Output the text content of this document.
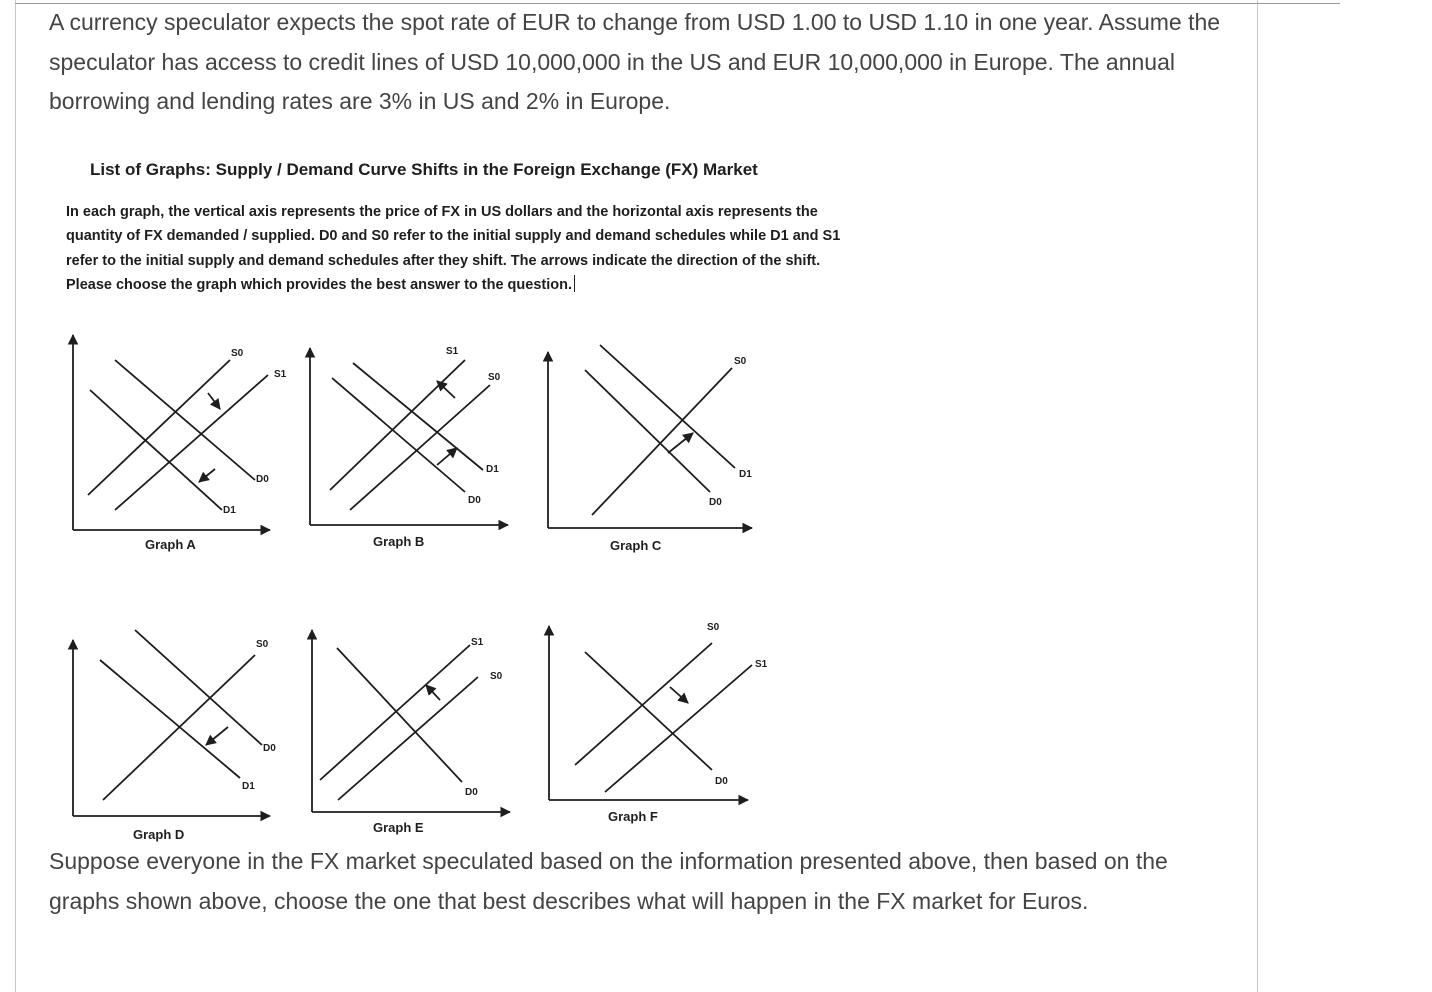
A currency speculator expects the spot rate of EUR to change from USD 1.00 to USD 1.10 in one year. Assume the speculator has access to credit lines of USD 10,000,000 in the US and EUR 10,000,000 in Europe. The annual borrowing and lending rates are 3% in US and 2% in Europe.

List of Graphs: Supply / Demand Curve Shifts in the Foreign Exchange (FX) Market

In each graph, the vertical axis represents the price of FX in US dollars and the horizontal axis represents the quantity of FX demanded / supplied. D0 and S0 refer to the initial supply and demand schedules while D1 and S1 refer to the initial supply and demand schedules after they shift. The arrows indicate the direction of the shift. Please choose the graph which provides the best answer to the question.

S0
S1
D0
D1
Graph A
S1
S0
D1
D0
Graph B
S0
D1
D0
Graph C
S0
D0
D1
Graph D
S1
S0
D0
Graph E
S0
S1
D0
Graph F

Suppose everyone in the FX market speculated based on the information presented above, then based on the graphs shown above, choose the one that best describes what will happen in the FX market for Euros.
